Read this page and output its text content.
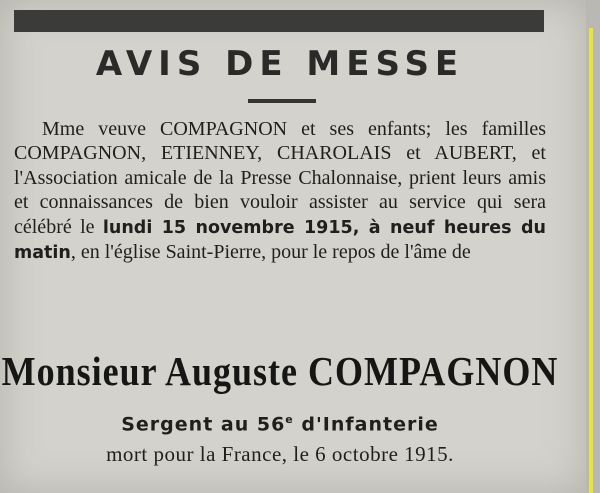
AVIS DE MESSE
Mme veuve COMPAGNON et ses enfants; les familles COMPAGNON, ETIENNEY, CHAROLAIS et AUBERT, et l'Association amicale de la Presse Chalonnaise, prient leurs amis et connaissances de bien vouloir assister au service qui sera célébré le lundi 15 novembre 1915, à neuf heures du matin, en l'église Saint-Pierre, pour le repos de l'âme de
Monsieur Auguste COMPAGNON
Sergent au 56e d'Infanterie
mort pour la France, le 6 octobre 1915.
